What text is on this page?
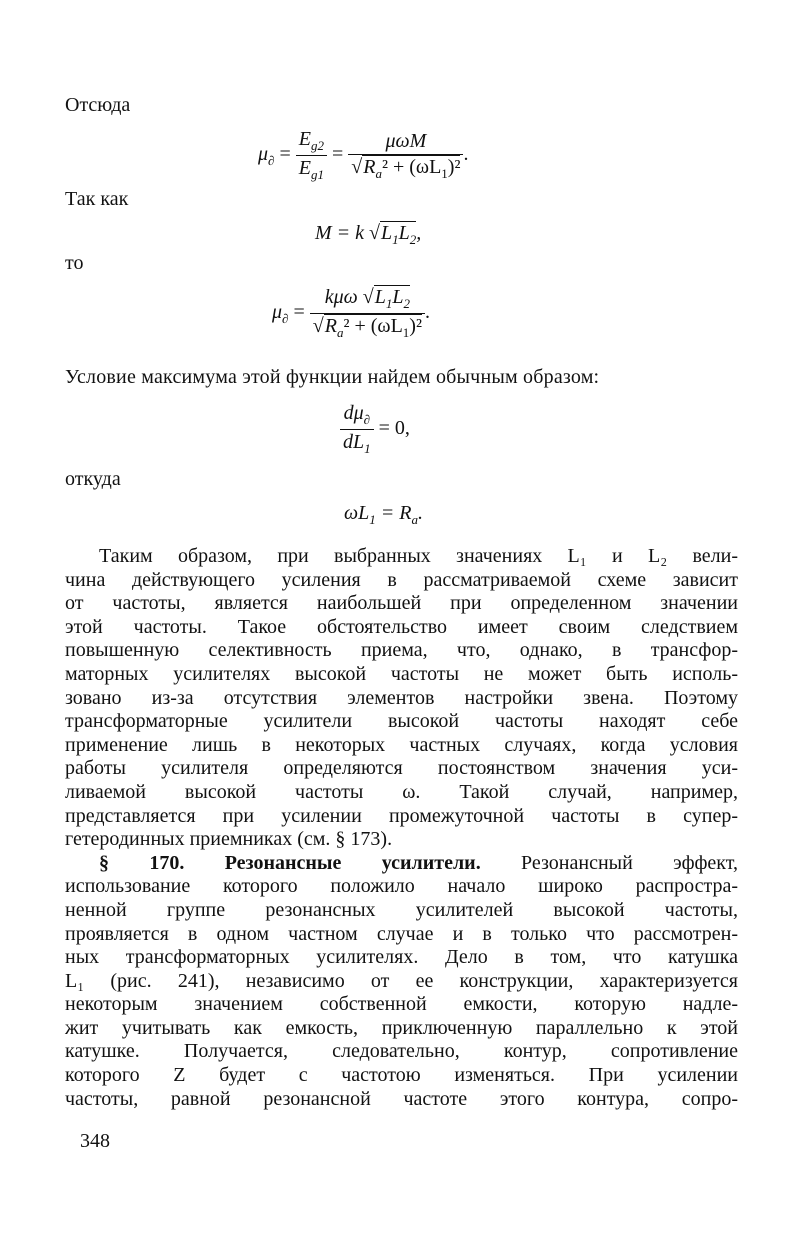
Отсюда
$\mu_\partial = \frac{E_{g2}}{E_{g1}} = \frac{\text{μωM}}{√R_a^2 + (\omega L_1)^2}$ .
Так как
M = k $√L_1L_2$,
то
$\mu_\partial = \frac{k\mu\omega √L_1L_2}{√R_a^2 + (\omega L_1)^2}$ .
Условие максимума этой функции найдем обычным образом:
$\frac{d\mu_\partial}{dL_1} = 0$,
откуда
$\omega L_1 = R_a$.
Таким образом, при выбранных значениях L₁ и L₂ вели-
чина действующего усиления в рассматриваемой схеме зависит
от частоты, является наибольшей при определенном значении
этой частоты. Такое обстоятельство имеет своим следствием
повышенную селективность приема, что, однако, в трансфор-
маторных усилителях высокой частоты не может быть исполь-
зовано из-за отсутствия элементов настройки звена. Поэтому
трансформаторные усилители высокой частоты находят себе
применение лишь в некоторых частных случаях, когда условия
работы усилителя определяются постоянством значения уси-
ливаемой высокой частоты ω. Такой случай, например,
представляется при усилении промежуточной частоты в супер-
гетеродинных приемниках (см. § 173).
§ 170. Резонансные усилители. Резонансный эффект,
использование которого положило начало широко распростра-
ненной группе резонансных усилителей высокой частоты,
проявляется в одном частном случае и в только что рассмотрен-
ных трансформаторных усилителях. Дело в том, что катушка
L₁ (рис. 241), независимо от ее конструкции, характеризуется
некоторым значением собственной емкости, которую надле-
жит учитывать как емкость, приключенную параллельно к этой
катушке. Получается, следовательно, контур, сопротивление
которого Z будет с частотою изменяться. При усилении
частоты, равной резонансной частоте этого контура, сопро-
348
